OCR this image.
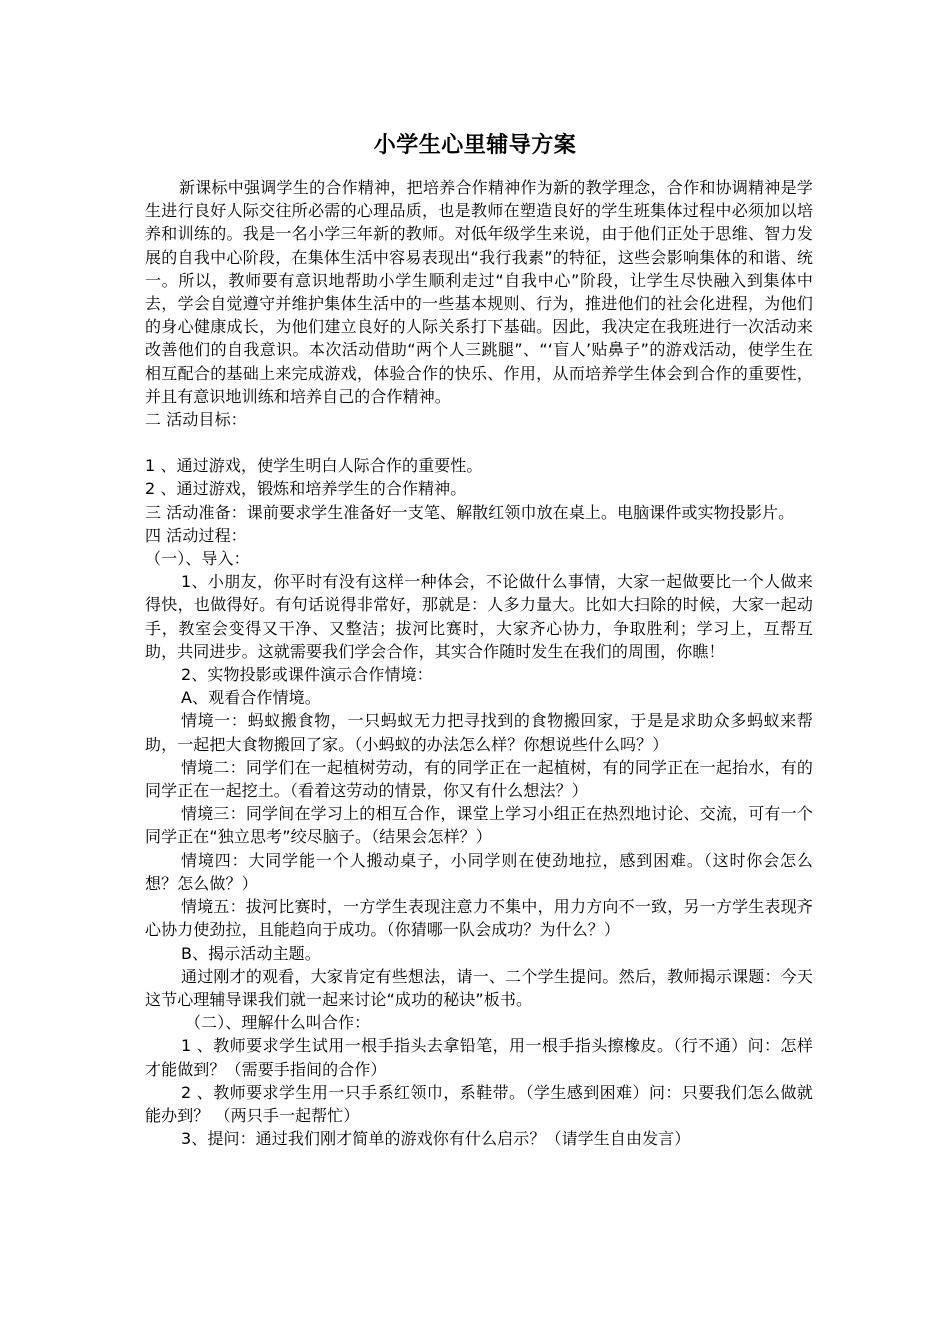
小学生心里辅导方案

新课标中强调学生的合作精神，把培养合作精神作为新的教学理念，合作和协调精神是学生进行良好人际交往所必需的心理品质，也是教师在塑造良好的学生班集体过程中必须加以培养和训练的。我是一名小学三年新的教师。对低年级学生来说，由于他们正处于思维、智力发展的自我中心阶段，在集体生活中容易表现出“我行我素”的特征，这些会影响集体的和谐、统一。所以，教师要有意识地帮助小学生顺利走过“自我中心”阶段，让学生尽快融入到集体中去，学会自觉遵守并维护集体生活中的一些基本规则、行为，推进他们的社会化进程，为他们的身心健康成长，为他们建立良好的人际关系打下基础。因此，我决定在我班进行一次活动来改善他们的自我意识。本次活动借助“两个人三跳腿”、“‘盲人’贴鼻子”的游戏活动，使学生在相互配合的基础上来完成游戏，体验合作的快乐、作用，从而培养学生体会到合作的重要性，并且有意识地训练和培养自己的合作精神。

二 活动目标：

1 、通过游戏，使学生明白人际合作的重要性。

2 、通过游戏，锻炼和培养学生的合作精神。

三 活动准备：课前要求学生准备好一支笔、解散红领巾放在桌上。电脑课件或实物投影片。

四 活动过程：

（一）、导入：

1、小朋友，你平时有没有这样一种体会，不论做什么事情，大家一起做要比一个人做来得快，也做得好。有句话说得非常好，那就是：人多力量大。比如大扫除的时候，大家一起动手，教室会变得又干净、又整洁；拔河比赛时，大家齐心协力，争取胜利；学习上，互帮互助，共同进步。这就需要我们学会合作，其实合作随时发生在我们的周围，你瞧！

2、实物投影或课件演示合作情境：

A、观看合作情境。

情境一：蚂蚁搬食物，一只蚂蚁无力把寻找到的食物搬回家，于是是求助众多蚂蚁来帮助，一起把大食物搬回了家。（小蚂蚁的办法怎么样？你想说些什么吗？）

情境二：同学们在一起植树劳动，有的同学正在一起植树，有的同学正在一起抬水，有的同学正在一起挖土。（看着这劳动的情景，你又有什么想法？）

情境三：同学间在学习上的相互合作，课堂上学习小组正在热烈地讨论、交流，可有一个同学正在“独立思考”绞尽脑子。（结果会怎样？）

情境四：大同学能一个人搬动桌子，小同学则在使劲地拉，感到困难。（这时你会怎么想？怎么做？）

情境五：拔河比赛时，一方学生表现注意力不集中，用力方向不一致，另一方学生表现齐心协力使劲拉，且能趋向于成功。（你猜哪一队会成功？为什么？）

B、揭示活动主题。

通过刚才的观看，大家肯定有些想法，请一、二个学生提问。然后，教师揭示课题：今天这节心理辅导课我们就一起来讨论“成功的秘诀”板书。

（二）、理解什么叫合作：

1 、教师要求学生试用一根手指头去拿铅笔，用一根手指头擦橡皮。（行不通）问：怎样才能做到？（需要手指间的合作）

2 、教师要求学生用一只手系红领巾，系鞋带。（学生感到困难）问：只要我们怎么做就能办到？ （两只手一起帮忙）

3、提问：通过我们刚才简单的游戏你有什么启示？（请学生自由发言）
